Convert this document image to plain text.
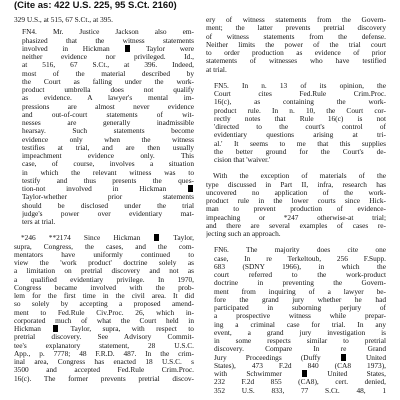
(Cite as: 422 U.S. 225, 95 S.Ct. 2160)
329 U.S., at 515, 67 S.Ct., at 395.
FN4. Mr. Justice Jackson also em-
phasized that the witness statements
involved in Hickman	Taylor were
neither evidence nor privileged. Id.,
at 516, 67 S.Ct., at 396. Indeed,
most of the material described by
the Court as falling under the work-
product umbrella does not qualify
as evidence. A lawyer's mental im-
pressions are almost never evidence
and out-of-court statements of wit-
nesses are generally inadmissible
hearsay. Such statements become
evidence only when the witness
testifies at trial, and are then usually
impeachment evidence only. This
case, of course, involves a situation
in which the relevant witness was to
testify and thus presents the ques-
tion-not involved in Hickman
Taylor-whether prior statements
should be disclosed under the trial
judge's power over evidentiary mat-
ters at trial.
*246 **2174 Since Hickman	Taylor,
supra, Congress, the cases, and the com-
mentators have uniformly continued to
view the 'work product' doctrine solely as
a limitation on pretrial discovery and not as
a qualified evidentiary privilege. In 1970,
Congress became involved with the prob-
lem for the first time in the civil area. It did
so solely by accepting a proposed amend-
ment to Fed.Rule Civ.Proc. 26, which in-
corporated much of what the Court held in
Hickman	Taylor, supra, with respect to
pretrial discovery. See Advisory Commit-
tee's explanatory statement, 28 U.S.C.
App., p. 7778; 48 F.R.D. 487. In the crim-
inal area, Congress has enacted 18 U.S.C. s
3500 and accepted Fed.Rule Crim.Proc.
16(c). The former prevents pretrial discov-
ery of witness statements from the Govern-
ment; the latter prevents pretrial discovery
of witness statements from the defense.
Neither limits the power of the trial court
to order production as evidence of prior
statements of witnesses who have testified
at trial.
FN5. In n. 13 of its opinion, the
Court cites Fed.Rule Crim.Proc.
16(c), as containing the work-
product rule. In n. 10, the Court cor-
rectly notes that Rule 16(c) is not
'directed to the court's control of
evidentiary questions arising at tri-
al.' It seems to me that this supplies
the better ground for the Court's de-
cision that 'waiver.'
With the exception of materials of the
type discussed in Part II, infra, research has
uncovered no application of the work-
product rule in the lower courts since Hick-
man to prevent production of evidence-
impeaching or *247 otherwise-at trial;
and there are several examples of cases re-
jecting such an approach.
FN6. The majority does cite one
case, In re Terkeltoub, 256 F.Supp.
683 (SDNY 1966), in which the
court referred to the work-product
doctrine in preventing the Govern-
ment from inquiring of a lawyer be-
fore the grand jury whether he had
participated in suborning perjury of
a prospective witness while prepar-
ing a criminal case for trial. In any
event, a grand jury investigation is
in some respects similar to pretrial
discovery. Compare In re Grand
Jury Proceedings (Duffy	United
States), 473 F.2d 840 (CA8 1973),
with Schwimmer	United States,
232 F.2d 855 (CA8), cert. denied,
352 U.S. 833, 77 S.Ct. 48, 1
